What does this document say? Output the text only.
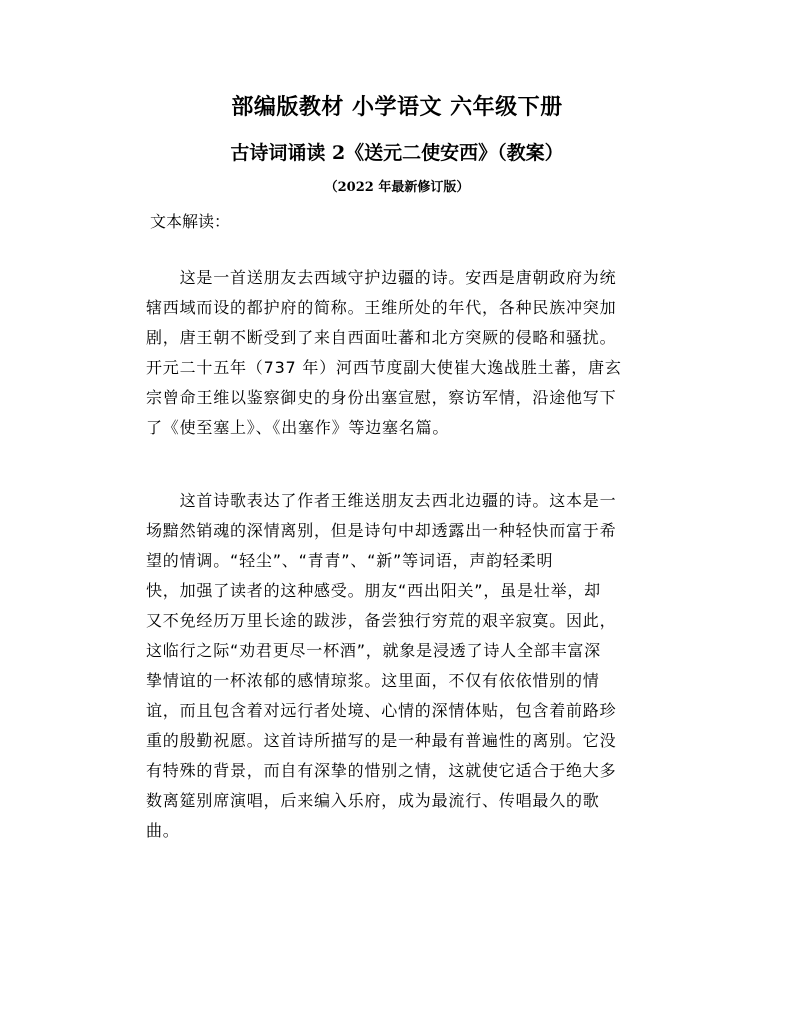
部编版教材 小学语文 六年级下册
古诗词诵读 2《送元二使安西》（教案）
（2022 年最新修订版）
文本解读：
　　这是一首送朋友去西域守护边疆的诗。安西是唐朝政府为统
辖西域而设的都护府的简称。王维所处的年代，各种民族冲突加
剧，唐王朝不断受到了来自西面吐蕃和北方突厥的侵略和骚扰。
开元二十五年（737 年）河西节度副大使崔大逸战胜土蕃，唐玄
宗曾命王维以鉴察御史的身份出塞宣慰，察访军情，沿途他写下
了《使至塞上》、《出塞作》等边塞名篇。
　　这首诗歌表达了作者王维送朋友去西北边疆的诗。这本是一
场黯然销魂的深情离别，但是诗句中却透露出一种轻快而富于希
望的情调。“轻尘”、“青青”、“新”等词语，声韵轻柔明
快，加强了读者的这种感受。朋友“西出阳关”，虽是壮举，却
又不免经历万里长途的跋涉，备尝独行穷荒的艰辛寂寞。因此，
这临行之际“劝君更尽一杯酒”，就象是浸透了诗人全部丰富深
挚情谊的一杯浓郁的感情琼浆。这里面，不仅有依依惜别的情
谊，而且包含着对远行者处境、心情的深情体贴，包含着前路珍
重的殷勤祝愿。这首诗所描写的是一种最有普遍性的离别。它没
有特殊的背景，而自有深挚的惜别之情，这就使它适合于绝大多
数离筵别席演唱，后来编入乐府，成为最流行、传唱最久的歌
曲。
